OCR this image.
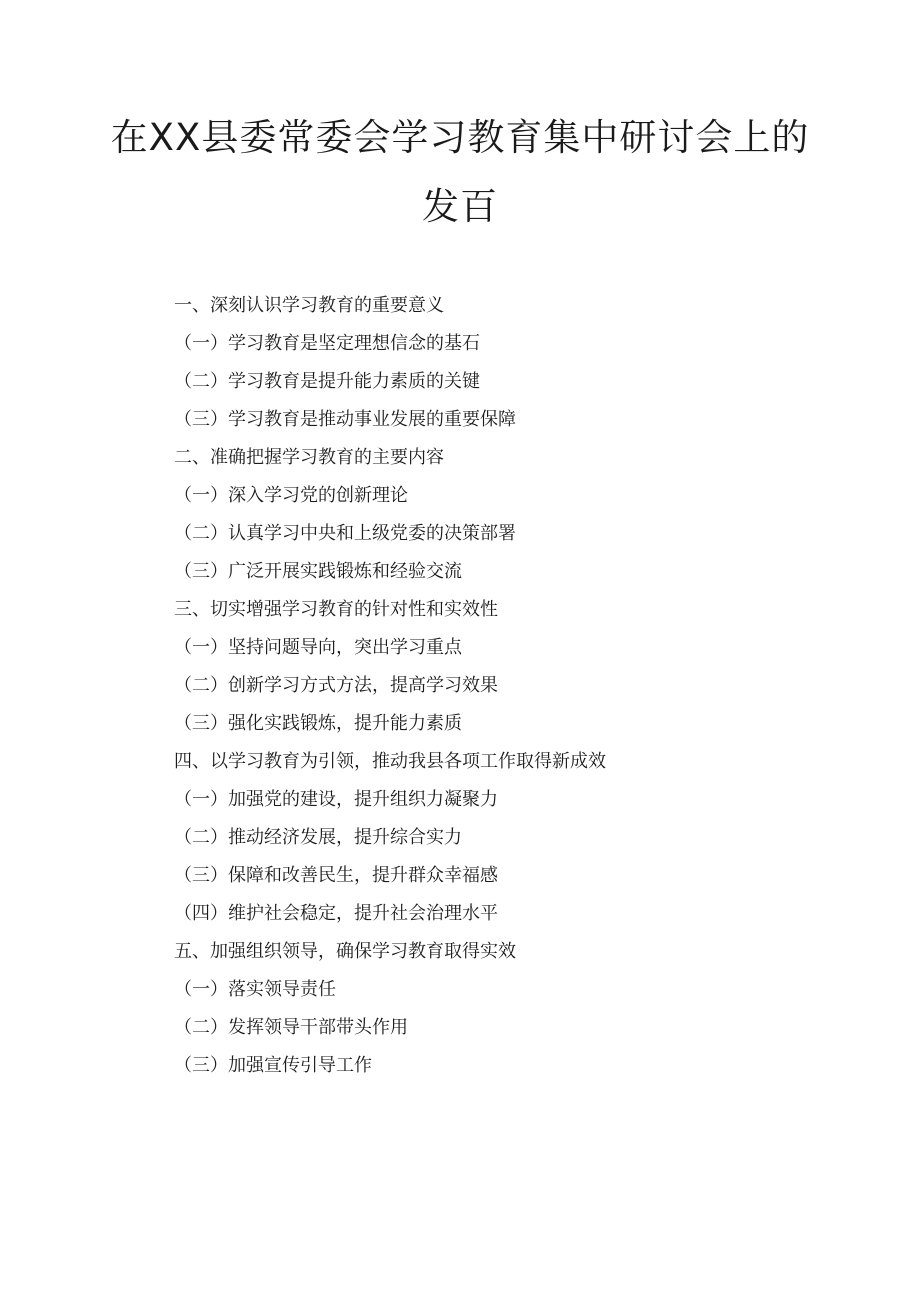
在XX县委常委会学习教育集中研讨会上的
发百
一、深刻认识学习教育的重要意义
（一）学习教育是坚定理想信念的基石
（二）学习教育是提升能力素质的关键
（三）学习教育是推动事业发展的重要保障
二、准确把握学习教育的主要内容
（一）深入学习党的创新理论
（二）认真学习中央和上级党委的决策部署
（三）广泛开展实践锻炼和经验交流
三、切实增强学习教育的针对性和实效性
（一）坚持问题导向，突出学习重点
（二）创新学习方式方法，提高学习效果
（三）强化实践锻炼，提升能力素质
四、以学习教育为引领，推动我县各项工作取得新成效
（一）加强党的建设，提升组织力凝聚力
（二）推动经济发展，提升综合实力
（三）保障和改善民生，提升群众幸福感
（四）维护社会稳定，提升社会治理水平
五、加强组织领导，确保学习教育取得实效
（一）落实领导责任
（二）发挥领导干部带头作用
（三）加强宣传引导工作
